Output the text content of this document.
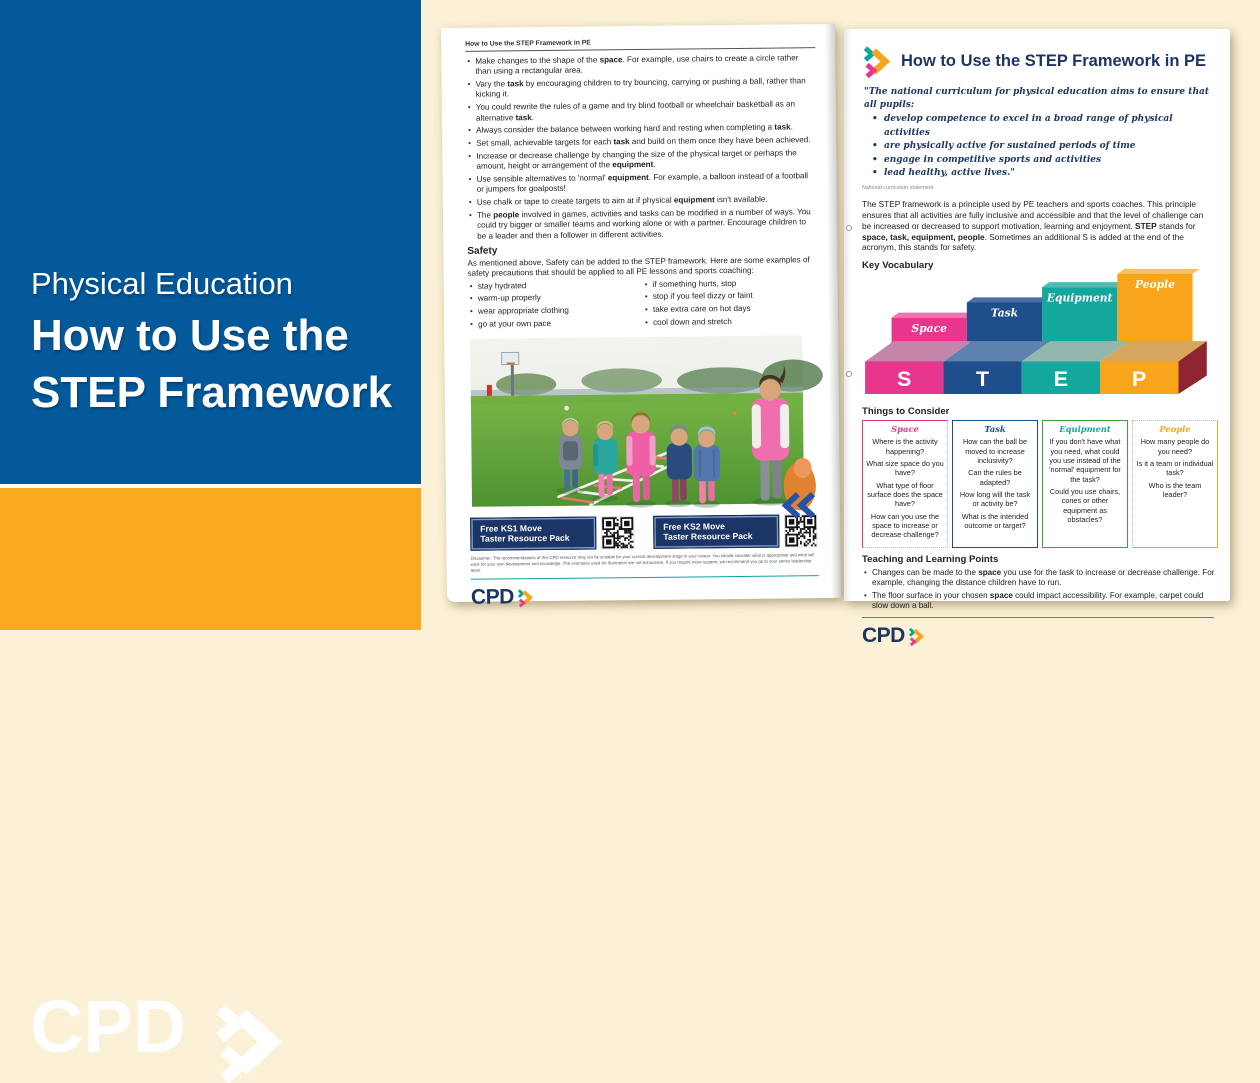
Physical Education
How to Use the
STEP Framework
CPD
How to Use the STEP Framework in PE
• Make changes to the shape of the space. For example, use chairs to create a circle rather than using a rectangular area.
• Vary the task by encouraging children to try bouncing, carrying or pushing a ball, rather than kicking it.
• You could rewrite the rules of a game and try blind football or wheelchair basketball as an alternative task.
• Always consider the balance between working hard and resting when completing a task.
• Set small, achievable targets for each task and build on them once they have been achieved.
• Increase or decrease challenge by changing the size of the physical target or perhaps the amount, height or arrangement of the equipment.
• Use sensible alternatives to 'normal' equipment. For example, a balloon instead of a football or jumpers for goalposts!
• Use chalk or tape to create targets to aim at if physical equipment isn't available.
• The people involved in games, activities and tasks can be modified in a number of ways. You could try bigger or smaller teams and working alone or with a partner. Encourage children to be a leader and then a follower in different activities.
Safety
As mentioned above, Safety can be added to the STEP framework. Here are some examples of safety precautions that should be applied to all PE lessons and sports coaching:
• stay hydrated
• warm-up properly
• wear appropriate clothing
• go at your own pace
• if something hurts, stop
• stop if you feel dizzy or faint
• take extra care on hot days
• cool down and stretch
Free KS1 Move
Taster Resource Pack
Free KS2 Move
Taster Resource Pack
Disclaimer: The recommendations of this CPD resource may not be suitable for your current development stage in your career. You should consider what is appropriate and what will work for your own development and knowledge. The examples used for illustration are not exhaustive. If you require more support, we recommend you go to your senior leadership team.
CPD
How to Use the STEP Framework in PE
"The national curriculum for physical education aims to ensure that all pupils:
• develop competence to excel in a broad range of physical activities
• are physically active for sustained periods of time
• engage in competitive sports and activities
• lead healthy, active lives."
National curriculum statement
The STEP framework is a principle used by PE teachers and sports coaches. This principle ensures that all activities are fully inclusive and accessible and that the level of challenge can be increased or decreased to support motivation, learning and enjoyment. STEP stands for space, task, equipment, people. Sometimes an additional S is added at the end of the acronym, this stands for safety.
Key Vocabulary
Space
Task
Equipment
People
S	T	E	P
Things to Consider
Space

Where is the activity happening?

What size space do you have?

What type of floor surface does the space have?

How can you use the space to increase or decrease challenge?

Task

How can the ball be moved to increase inclusivity?

Can the rules be adapted?

How long will the task or activity be?

What is the intended outcome or target?

Equipment

If you don't have what you need, what could you use instead of the 'normal' equipment for the task?

Could you use chairs, cones or other equipment as obstacles?

People

How many people do you need?

Is it a team or individual task?

Who is the team leader?

Teaching and Learning Points
• Changes can be made to the space you use for the task to increase or decrease challenge. For example, changing the distance children have to run.
• The floor surface in your chosen space could impact accessibility. For example, carpet could slow down a ball.
CPD
